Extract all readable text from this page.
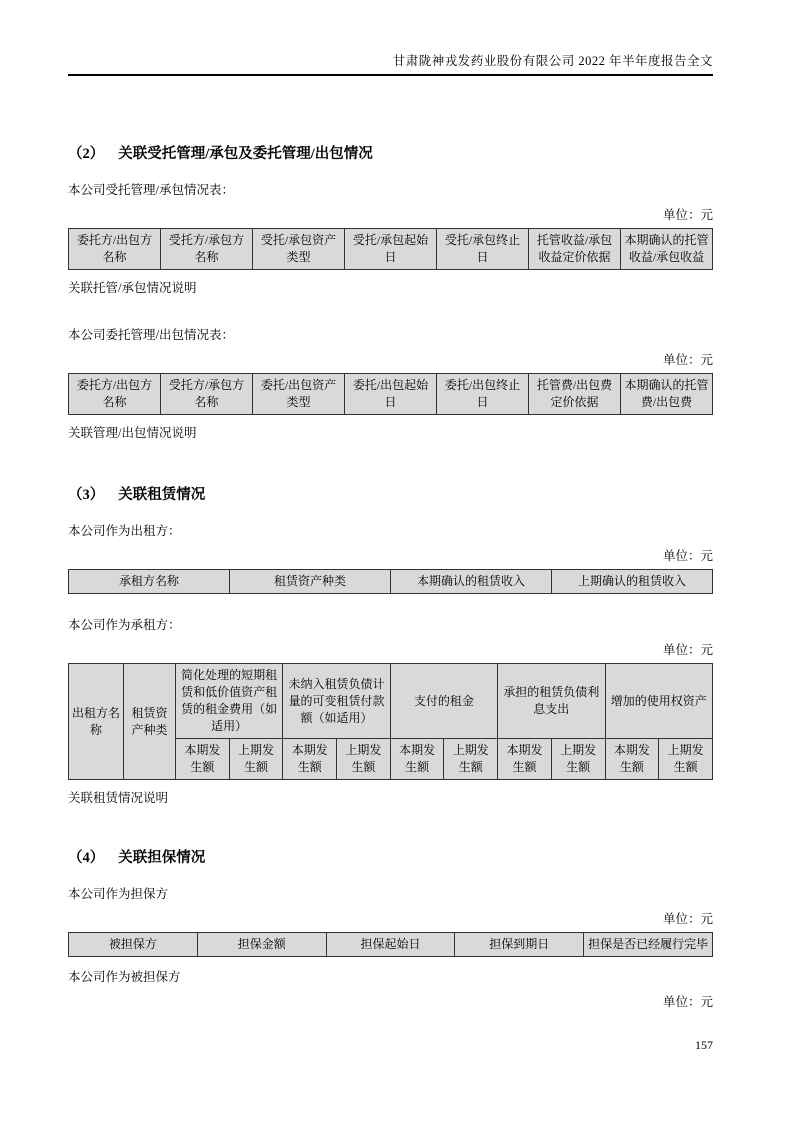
甘肃陇神戎发药业股份有限公司 2022 年半年度报告全文
（2） 关联受托管理/承包及委托管理/出包情况
本公司受托管理/承包情况表：
单位：元
委托方/出包方名称	受托方/承包方名称	受托/承包资产类型	受托/承包起始日	受托/承包终止日	托管收益/承包收益定价依据	本期确认的托管收益/承包收益
关联托管/承包情况说明
本公司委托管理/出包情况表：
单位：元
委托方/出包方名称	受托方/承包方名称	委托/出包资产类型	委托/出包起始日	委托/出包终止日	托管费/出包费定价依据	本期确认的托管费/出包费
关联管理/出包情况说明
（3） 关联租赁情况
本公司作为出租方：
单位：元
承租方名称	租赁资产种类	本期确认的租赁收入	上期确认的租赁收入
本公司作为承租方：
单位：元
出租方名称	租赁资产种类	简化处理的短期租赁和低价值资产租赁的租金费用（如适用）		未纳入租赁负债计量的可变租赁付款额（如适用）		支付的租金		承担的租赁负债利息支出		增加的使用权资产	
		本期发生额	上期发生额	本期发生额	上期发生额	本期发生额	上期发生额	本期发生额	上期发生额	本期发生额	上期发生额
关联租赁情况说明
（4） 关联担保情况
本公司作为担保方
单位：元
被担保方	担保金额	担保起始日	担保到期日	担保是否已经履行完毕
本公司作为被担保方
单位：元
157
